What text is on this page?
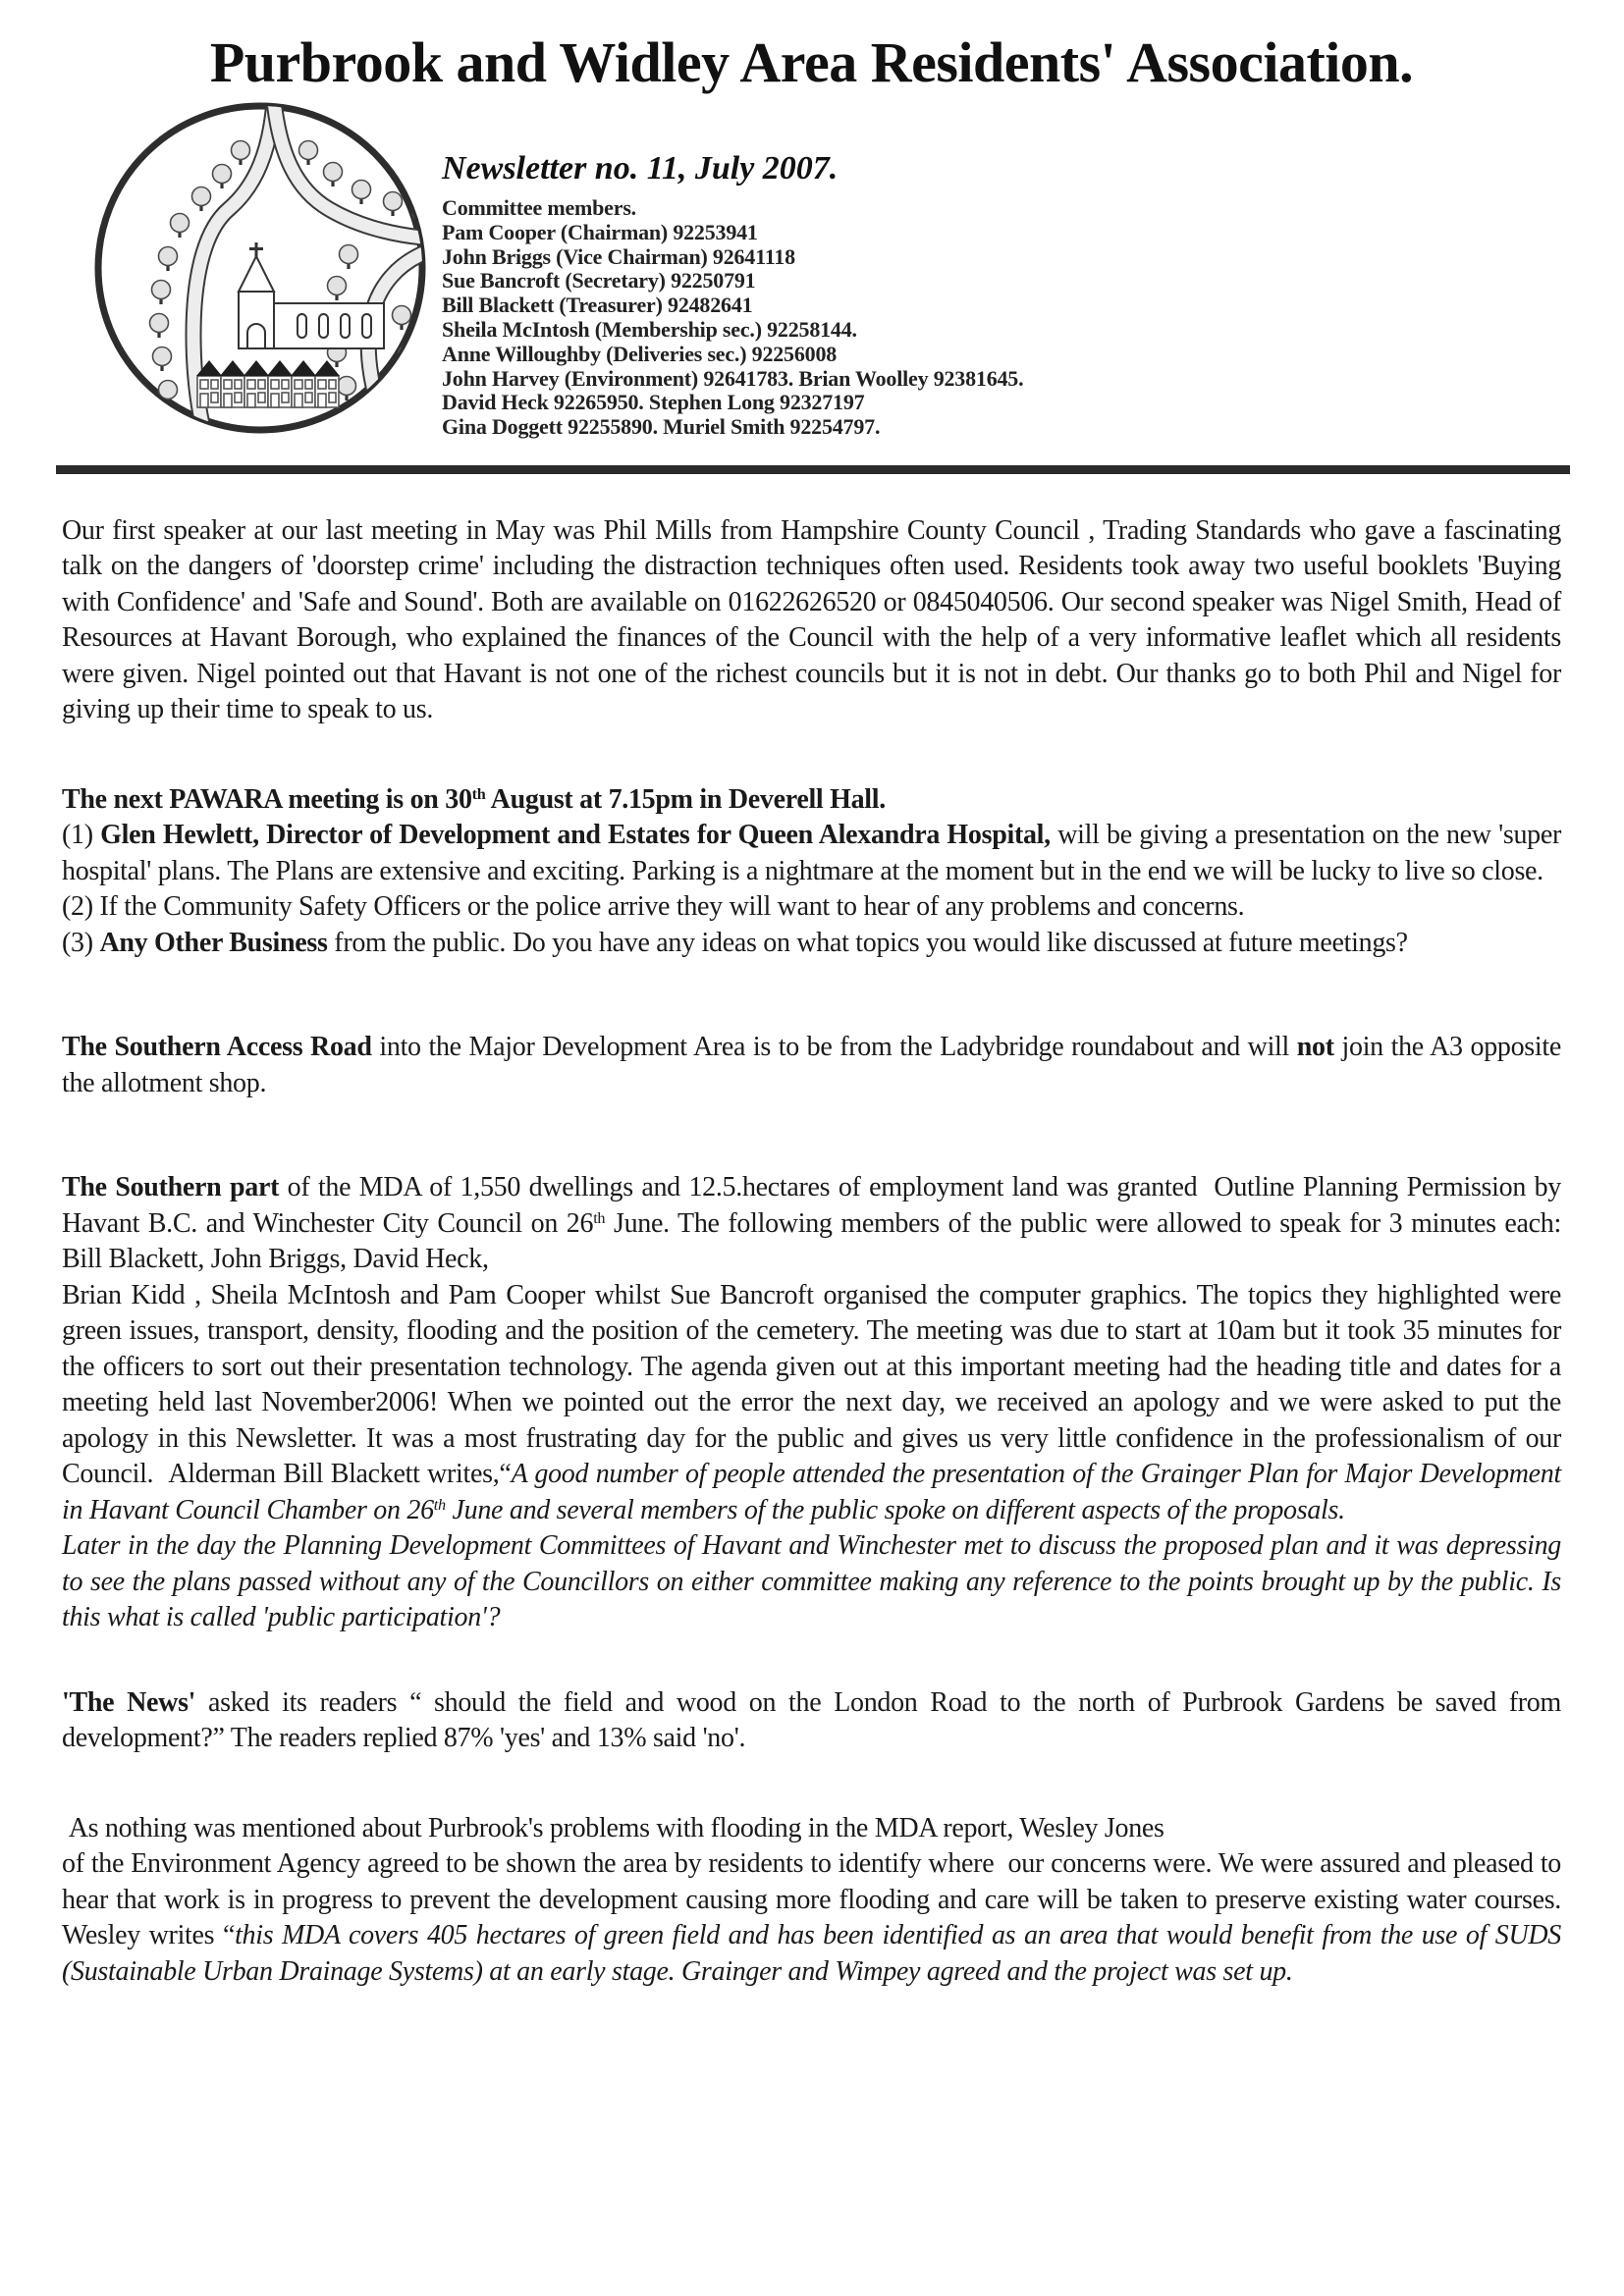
Purbrook and Widley Area Residents' Association.
Newsletter no. 11, July 2007.
Committee members.
Pam Cooper (Chairman) 92253941
John Briggs (Vice Chairman) 92641118
Sue Bancroft (Secretary) 92250791
Bill Blackett (Treasurer) 92482641
Sheila McIntosh (Membership sec.) 92258144.
Anne Willoughby (Deliveries sec.) 92256008
John Harvey (Environment) 92641783. Brian Woolley 92381645.
David Heck 92265950. Stephen Long 92327197
Gina Doggett 92255890. Muriel Smith 92254797.

Our first speaker at our last meeting in May was Phil Mills from Hampshire County Council , Trading Standards who gave a fascinating talk on the dangers of 'doorstep crime' including the distraction techniques often used. Residents took away two useful booklets 'Buying with Confidence' and 'Safe and Sound'. Both are available on 01622626520 or 0845040506. Our second speaker was Nigel Smith, Head of Resources at Havant Borough, who explained the finances of the Council with the help of a very informative leaflet which all residents were given. Nigel pointed out that Havant is not one of the richest councils but it is not in debt. Our thanks go to both Phil and Nigel for giving up their time to speak to us.

The next PAWARA meeting is on 30th August at 7.15pm in Deverell Hall.

(1) Glen Hewlett, Director of Development and Estates for Queen Alexandra Hospital, will be giving a presentation on the new 'super hospital' plans. The Plans are extensive and exciting. Parking is a nightmare at the moment but in the end we will be lucky to live so close.

(2) If the Community Safety Officers or the police arrive they will want to hear of any problems and concerns.

(3) Any Other Business from the public. Do you have any ideas on what topics you would like discussed at future meetings?

The Southern Access Road into the Major Development Area is to be from the Ladybridge roundabout and will not join the A3 opposite the allotment shop.

The Southern part of the MDA of 1,550 dwellings and 12.5.hectares of employment land was granted  Outline Planning Permission by Havant B.C. and Winchester City Council on 26th June. The following members of the public were allowed to speak for 3 minutes each: Bill Blackett, John Briggs, David Heck,
Brian Kidd , Sheila McIntosh and Pam Cooper whilst Sue Bancroft organised the computer graphics. The topics they highlighted were green issues, transport, density, flooding and the position of the cemetery. The meeting was due to start at 10am but it took 35 minutes for the officers to sort out their presentation technology. The agenda given out at this important meeting had the heading title and dates for a meeting held last November2006! When we pointed out the error the next day, we received an apology and we were asked to put the apology in this Newsletter. It was a most frustrating day for the public and gives us very little confidence in the professionalism of our Council.  Alderman Bill Blackett writes,“A good number of people attended the presentation of the Grainger Plan for Major Development in Havant Council Chamber on 26th June and several members of the public spoke on different aspects of the proposals.

Later in the day the Planning Development Committees of Havant and Winchester met to discuss the proposed plan and it was depressing to see the plans passed without any of the Councillors on either committee making any reference to the points brought up by the public. Is this what is called 'public participation'?

'The News' asked its readers “ should the field and wood on the London Road to the north of Purbrook Gardens be saved from development?” The readers replied 87% 'yes' and 13% said 'no'.

As nothing was mentioned about Purbrook's problems with flooding in the MDA report, Wesley Jones
of the Environment Agency agreed to be shown the area by residents to identify where  our concerns were. We were assured and pleased to hear that work is in progress to prevent the development causing more flooding and care will be taken to preserve existing water courses. Wesley writes “this MDA covers 405 hectares of green field and has been identified as an area that would benefit from the use of SUDS (Sustainable Urban Drainage Systems) at an early stage. Grainger and Wimpey agreed and the project was set up.
